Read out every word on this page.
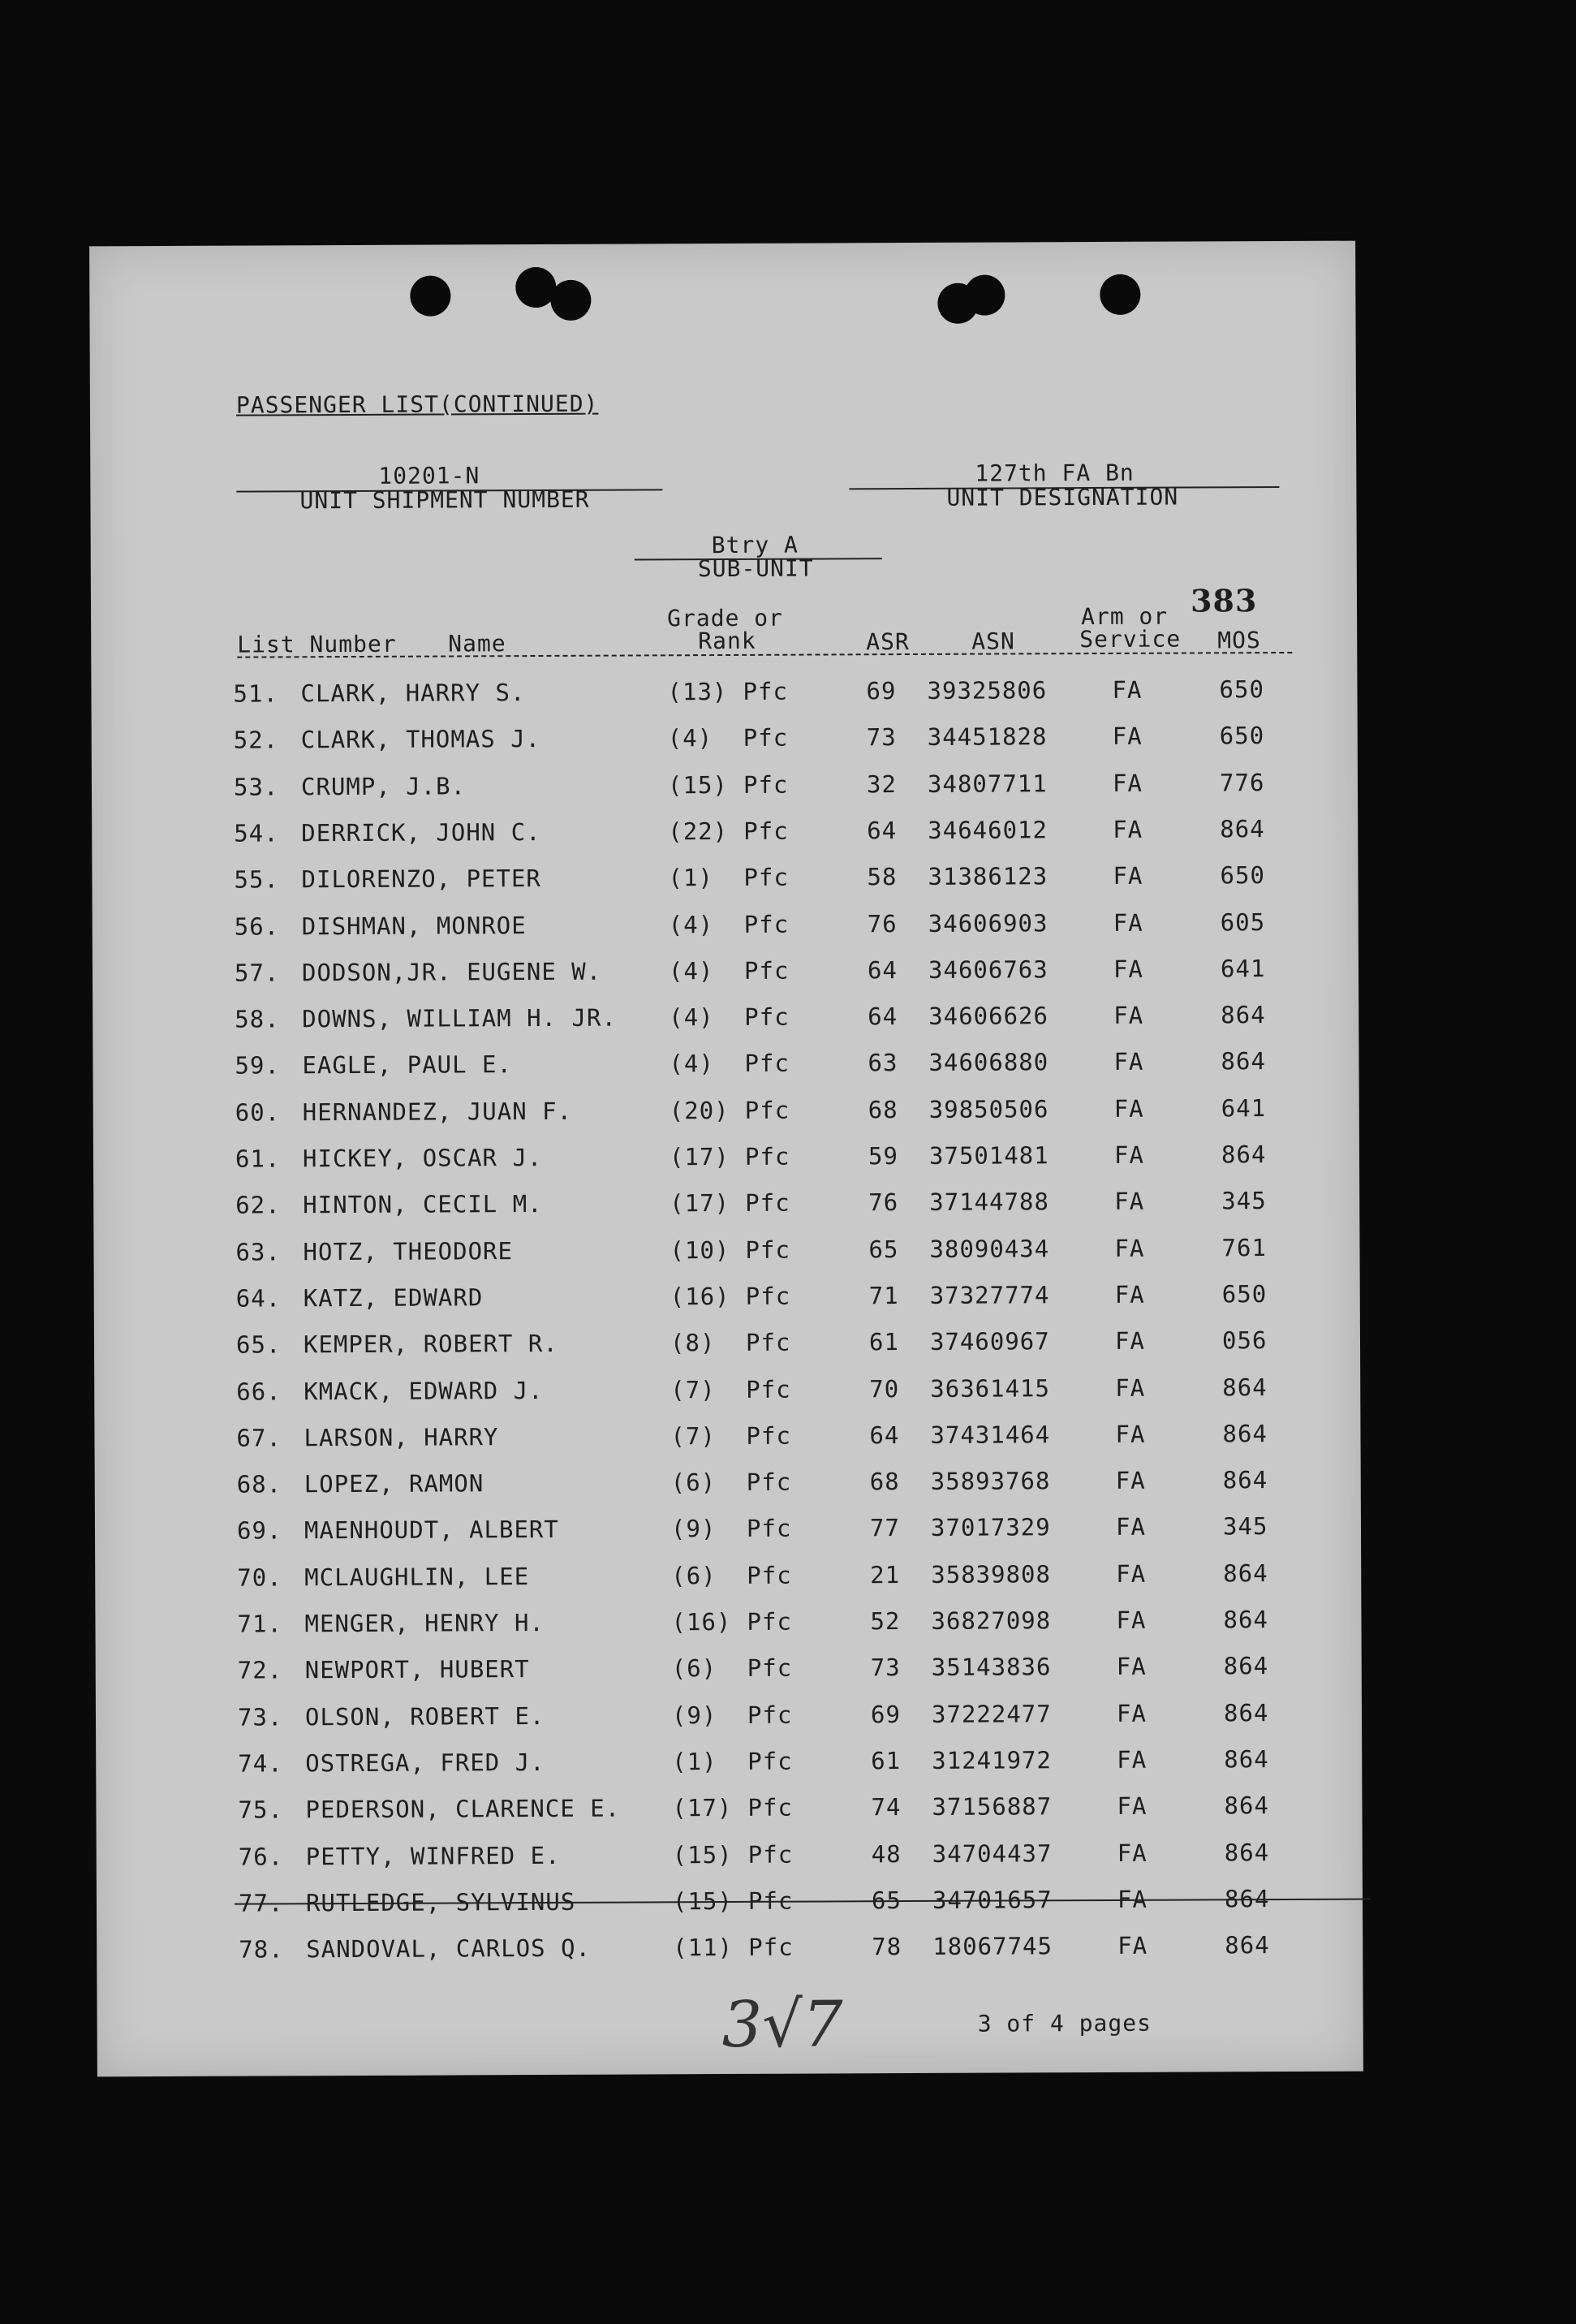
PASSENGER LIST(CONTINUED)
10201-N
UNIT SHIPMENT NUMBER
127th FA Bn
UNIT DESIGNATION
Btry A
SUB-UNIT
383
Grade or	Arm or
List Number Name	Rank	ASR	ASN	Service MOS
51. CLARK, HARRY S.	(13) Pfc	69 39325806	FA	650
52. CLARK, THOMAS J.	(4) Pfc	73 34451828	FA	650
53. CRUMP, J.B.	(15) Pfc	32 34807711	FA	776
54. DERRICK, JOHN C.	(22) Pfc	64 34646012	FA	864
55. DILORENZO, PETER	(1) Pfc	58 31386123	FA	650
56. DISHMAN, MONROE	(4) Pfc	76 34606903	FA	605
57. DODSON,JR. EUGENE W.	(4) Pfc	64 34606763	FA	641
58. DOWNS, WILLIAM H. JR. (4) Pfc	64 34606626	FA	864
59. EAGLE, PAUL E.	(4) Pfc	63 34606880	FA	864
60. HERNANDEZ, JUAN F.	(20) Pfc	68 39850506	FA	641
61. HICKEY, OSCAR J.	(17) Pfc	59 37501481	FA	864
62. HINTON, CECIL M.	(17) Pfc	76 37144788	FA	345
63. HOTZ, THEODORE	(10) Pfc	65 38090434	FA	761
64. KATZ, EDWARD	(16) Pfc	71 37327774	FA	650
65. KEMPER, ROBERT R.	(8) Pfc	61 37460967	FA	056
66. KMACK, EDWARD J.	(7) Pfc	70 36361415	FA	864
67. LARSON, HARRY	(7) Pfc	64 37431464	FA	864
68. LOPEZ, RAMON	(6) Pfc	68 35893768	FA	864
69. MAENHOUDT, ALBERT	(9) Pfc	77 37017329	FA	345
70. MCLAUGHLIN, LEE	(6) Pfc	21 35839808	FA	864
71. MENGER, HENRY H.	(16) Pfc	52 36827098	FA	864
72. NEWPORT, HUBERT	(6) Pfc	73 35143836	FA	864
73. OLSON, ROBERT E.	(9) Pfc	69 37222477	FA	864
74. OSTREGA, FRED J.	(1) Pfc	61 31241972	FA	864
75. PEDERSON, CLARENCE E. (17) Pfc	74 37156887	FA	864
76. PETTY, WINFRED E.	(15) Pfc	48 34704437	FA	864
77. RUTLEDGE, SYLVINUS	(15) Pfc	65 34701657	FA	864
78. SANDOVAL, CARLOS Q.	(11) Pfc	78 18067745	FA	864
3√7	3 of 4 pages
